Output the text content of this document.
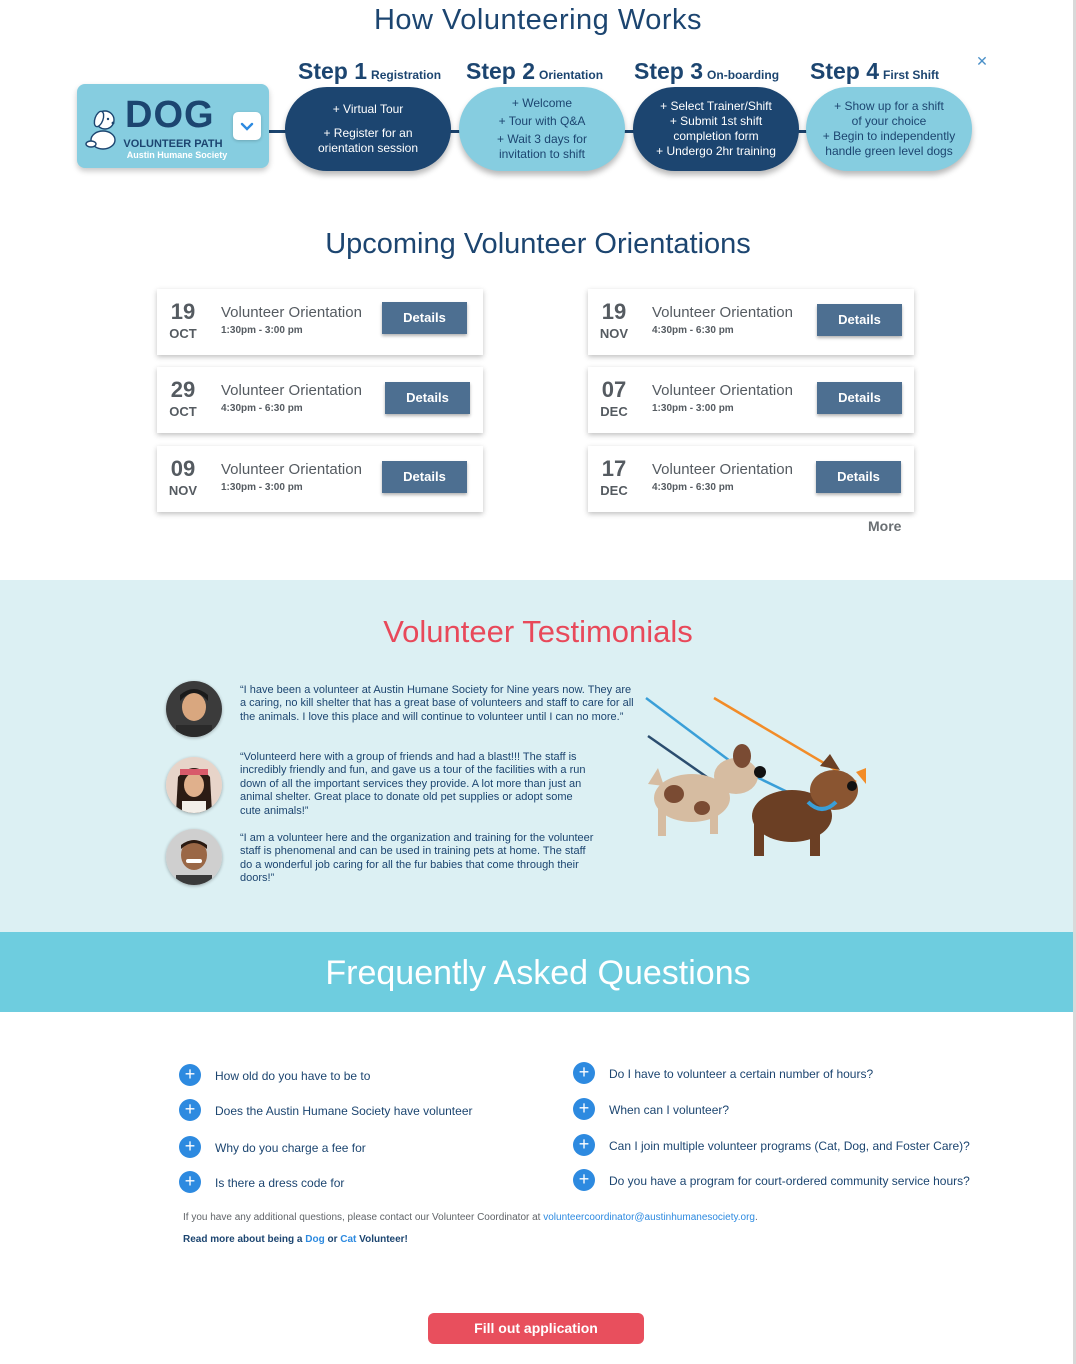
How Volunteering Works
✕
DOG
VOLUNTEER PATH
Austin Humane Society
Step 1 Registration Step 2 Orientation Step 3 On-boarding Step 4 First Shift
+ Virtual Tour
+ Register for an
orientation session
+ Welcome
+ Tour with Q&A
+ Wait 3 days for
invitation to shift
+ Select Trainer/Shift
+ Submit 1st shift
completion form
+ Undergo 2hr training
+ Show up for a shift
of your choice
+ Begin to independently
handle green level dogs
Upcoming Volunteer Orientations
19
OCT
Volunteer Orientation
1:30pm - 3:00 pm
Details
29
OCT
Volunteer Orientation
4:30pm - 6:30 pm
Details
09
NOV
Volunteer Orientation
1:30pm - 3:00 pm
Details
19
NOV
Volunteer Orientation
4:30pm - 6:30 pm
Details
07
DEC
Volunteer Orientation
1:30pm - 3:00 pm
Details
17
DEC
Volunteer Orientation
4:30pm - 6:30 pm
Details
More
Volunteer Testimonials
“I have been a volunteer at Austin Humane Society for Nine years now. They are a caring, no kill shelter that has a great base of volunteers and staff to care for all the animals. I love this place and will continue to volunteer until I can no more.”
“Volunteerd here with a group of friends and had a blast!!! The staff is incredibly friendly and fun, and gave us a tour of the facilities with a run down of all the important services they provide. A lot more than just an animal shelter. Great place to donate old pet supplies or adopt some cute animals!”
“I am a volunteer here and the organization and training for the volunteer staff is phenomenal and can be used in training pets at home. The staff do a wonderful job caring for all the fur babies that come through their doors!”
Frequently Asked Questions
+	How old do you have to be to
+	Does the Austin Humane Society have volunteer
+	Why do you charge a fee for
+	Is there a dress code for
+	Do I have to volunteer a certain number of hours?
+	When can I volunteer?
+	Can I join multiple volunteer programs (Cat, Dog, and Foster Care)?
+	Do you have a program for court-ordered community service hours?
If you have any additional questions, please contact our Volunteer Coordinator at volunteercoordinator@austinhumanesociety.org.
Read more about being a Dog or Cat Volunteer!
Fill out application
